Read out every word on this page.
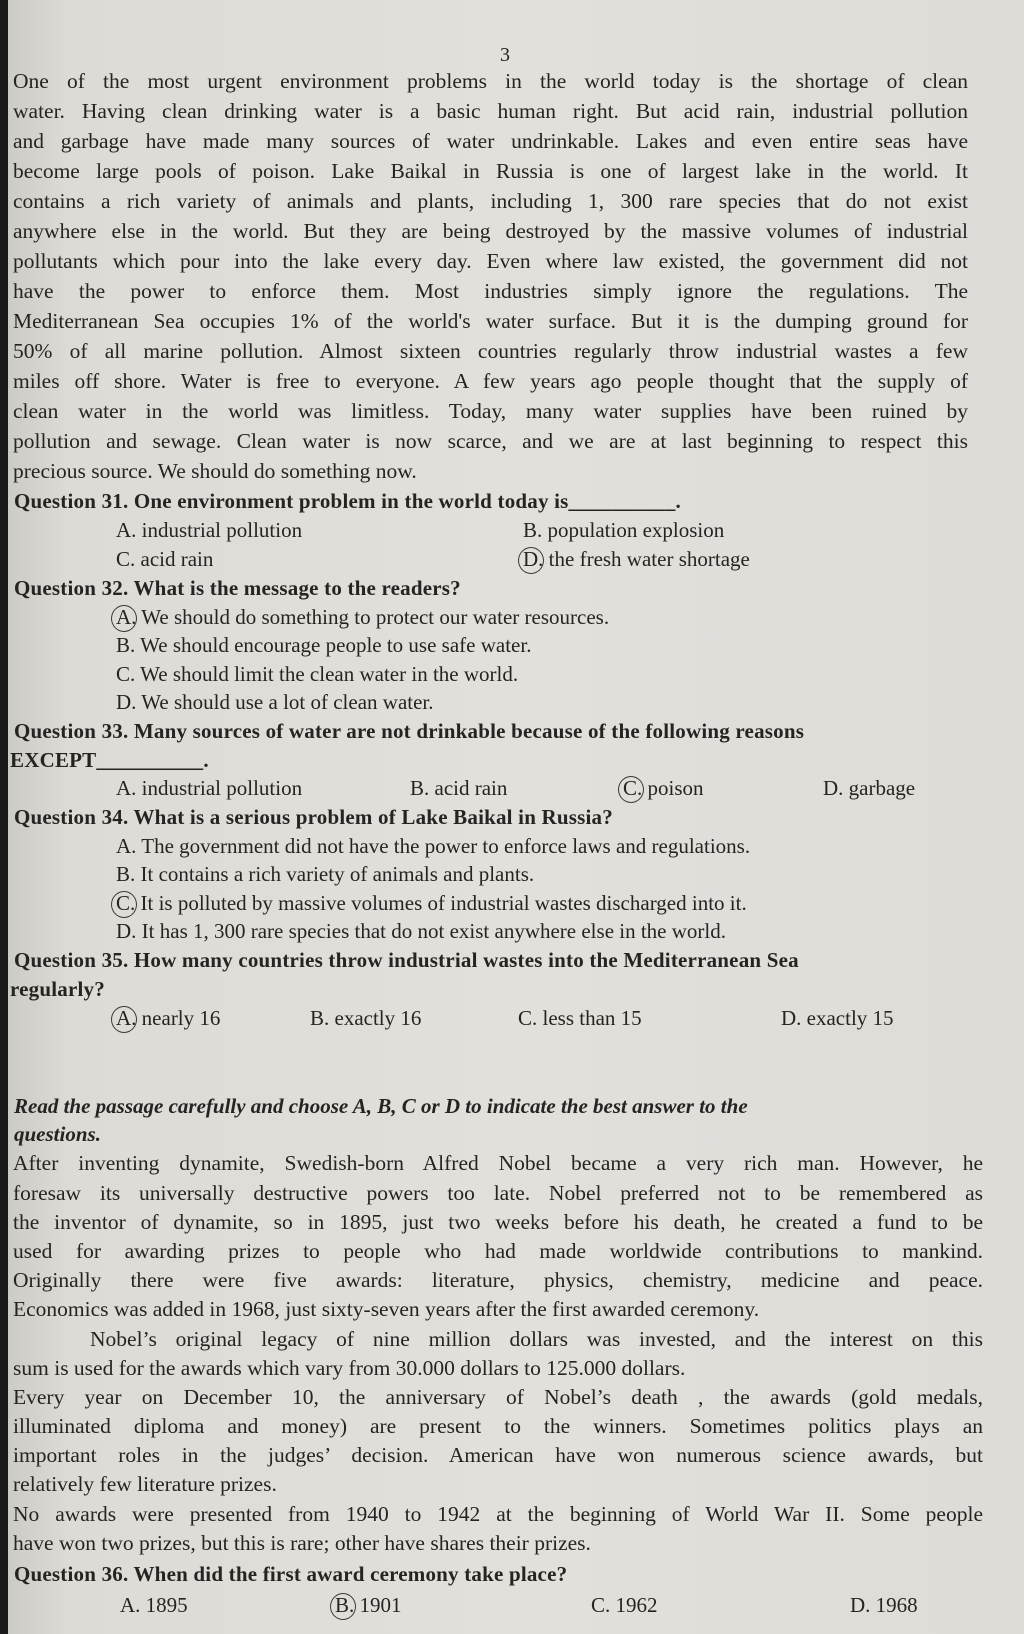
3
One of the most urgent environment problems in the world today is the shortage of clean
water. Having clean drinking water is a basic human right. But acid rain, industrial pollution
and garbage have made many sources of water undrinkable. Lakes and even entire seas have
become large pools of poison. Lake Baikal in Russia is one of largest lake in the world. It
contains a rich variety of animals and plants, including 1, 300 rare species that do not exist
anywhere else in the world. But they are being destroyed by the massive volumes of industrial
pollutants which pour into the lake every day. Even where law existed, the government did not
have the power to enforce them. Most industries simply ignore the regulations. The
Mediterranean Sea occupies 1% of the world's water surface. But it is the dumping ground for
50% of all marine pollution. Almost sixteen countries regularly throw industrial wastes a few
miles off shore. Water is free to everyone. A few years ago people thought that the supply of
clean water in the world was limitless. Today, many water supplies have been ruined by
pollution and sewage. Clean water is now scarce, and we are at last beginning to respect this
precious source. We should do something now.
Question 31. One environment problem in the world today is__________.
A. industrial pollution	B. population explosion
C. acid rain	D. the fresh water shortage
Question 32. What is the message to the readers?
A. We should do something to protect our water resources.
B. We should encourage people to use safe water.
C. We should limit the clean water in the world.
D. We should use a lot of clean water.
Question 33. Many sources of water are not drinkable because of the following reasons
EXCEPT__________.
A. industrial pollution	B. acid rain	C. poison	D. garbage
Question 34. What is a serious problem of Lake Baikal in Russia?
A. The government did not have the power to enforce laws and regulations.
B. It contains a rich variety of animals and plants.
C. It is polluted by massive volumes of industrial wastes discharged into it.
D. It has 1, 300 rare species that do not exist anywhere else in the world.
Question 35. How many countries throw industrial wastes into the Mediterranean Sea
regularly?
A. nearly 16	B. exactly 16	C. less than 15	D. exactly 15
Read the passage carefully and choose A, B, C or D to indicate the best answer to the
questions.
After inventing dynamite, Swedish-born Alfred Nobel became a very rich man. However, he
foresaw its universally destructive powers too late. Nobel preferred not to be remembered as
the inventor of dynamite, so in 1895, just two weeks before his death, he created a fund to be
used for awarding prizes to people who had made worldwide contributions to mankind.
Originally there were five awards: literature, physics, chemistry, medicine and peace.
Economics was added in 1968, just sixty-seven years after the first awarded ceremony.
Nobel’s original legacy of nine million dollars was invested, and the interest on this
sum is used for the awards which vary from 30.000 dollars to 125.000 dollars.
Every year on December 10, the anniversary of Nobel’s death , the awards (gold medals,
illuminated diploma and money) are present to the winners. Sometimes politics plays an
important roles in the judges’ decision. American have won numerous science awards, but
relatively few literature prizes.
No awards were presented from 1940 to 1942 at the beginning of World War II. Some people
have won two prizes, but this is rare; other have shares their prizes.
Question 36. When did the first award ceremony take place?
A. 1895	B. 1901	C. 1962	D. 1968
